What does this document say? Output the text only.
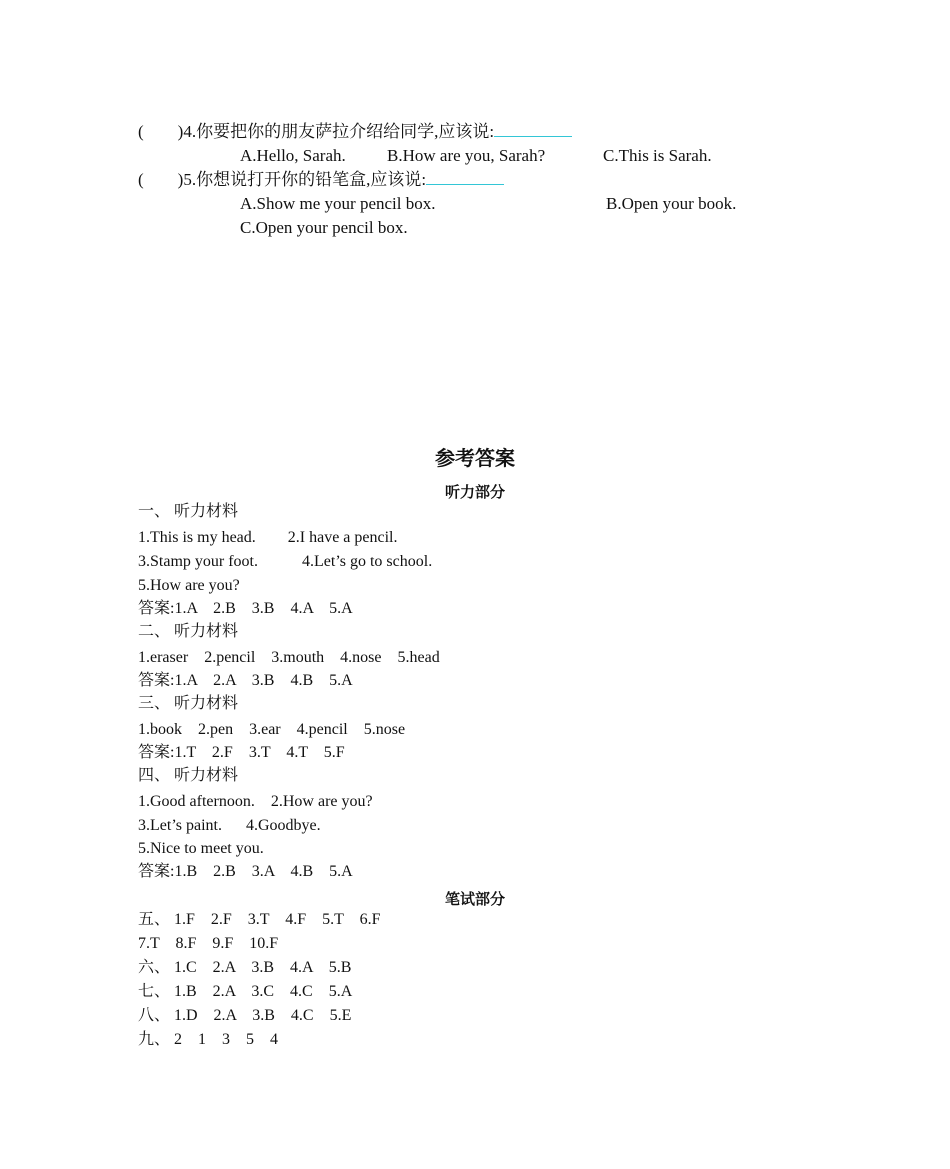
(        )4.你要把你的朋友萨拉介绍给同学,应该说:
A.Hello, Sarah. B.How are you, Sarah?	C.This is Sarah.
(        )5.你想说打开你的铅笔盒,应该说:
A.Show me your pencil box.	B.Open your book.
C.Open your pencil box.
参考答案
听力部分
一、 听力材料
1.This is my head.        2.I have a pencil.
3.Stamp your foot.           4.Let’s go to school.
5.How are you?
答案:1.A    2.B    3.B    4.A    5.A
二、 听力材料
1.eraser    2.pencil    3.mouth    4.nose    5.head
答案:1.A    2.A    3.B    4.B    5.A
三、 听力材料
1.book    2.pen    3.ear    4.pencil    5.nose
答案:1.T    2.F    3.T    4.T    5.F
四、 听力材料
1.Good afternoon.    2.How are you?
3.Let’s paint.      4.Goodbye.
5.Nice to meet you.
答案:1.B    2.B    3.A    4.B    5.A
笔试部分
五、 1.F    2.F    3.T    4.F    5.T    6.F
7.T    8.F    9.F    10.F
六、 1.C    2.A    3.B    4.A    5.B
七、 1.B    2.A    3.C    4.C    5.A
八、 1.D    2.A    3.B    4.C    5.E
九、 2    1    3    5    4
